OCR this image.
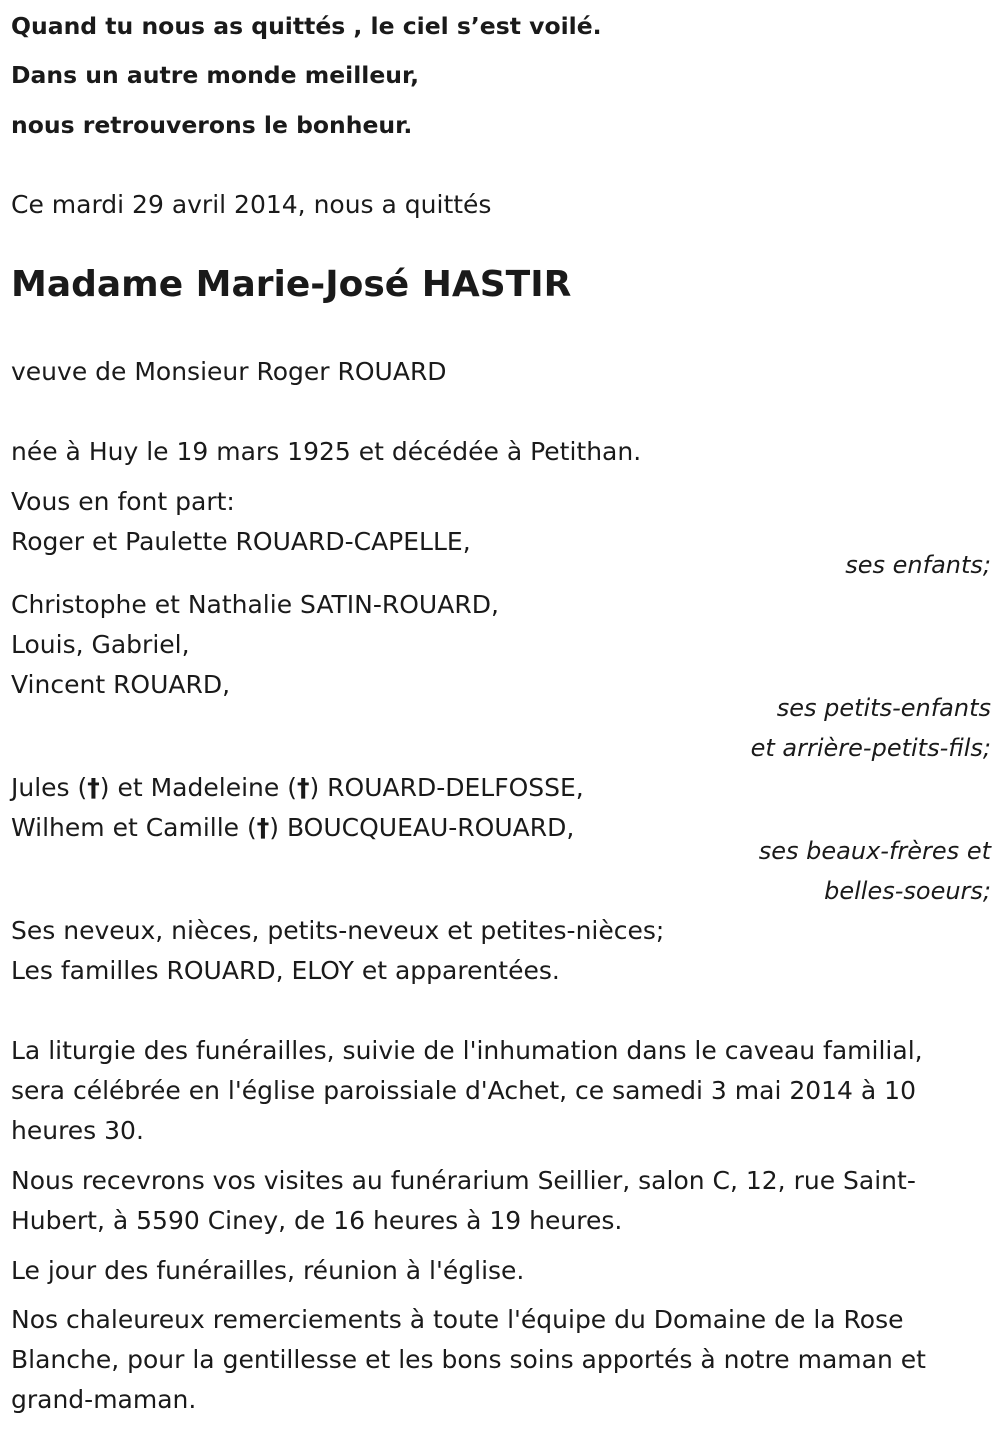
Quand tu nous as quittés , le ciel s’est voilé.
Dans un autre monde meilleur,
nous retrouverons le bonheur.
Ce mardi 29 avril 2014, nous a quittés
Madame Marie-José HASTIR
veuve de Monsieur Roger ROUARD
née à Huy le 19 mars 1925 et décédée à Petithan.
Vous en font part:
Roger et Paulette ROUARD-CAPELLE,
ses enfants;
Christophe et Nathalie SATIN-ROUARD,
Louis, Gabriel,
Vincent ROUARD,
ses petits-enfants
et arrière-petits-fils;
Jules (†) et Madeleine (†) ROUARD-DELFOSSE,
Wilhem et Camille (†) BOUCQUEAU-ROUARD,
ses beaux-frères et
belles-soeurs;
Ses neveux, nièces, petits-neveux et petites-nièces;
Les familles ROUARD, ELOY et apparentées.
La liturgie des funérailles, suivie de l'inhumation dans le caveau familial,
sera célébrée en l'église paroissiale d'Achet, ce samedi 3 mai 2014 à 10
heures 30.
Nous recevrons vos visites au funérarium Seillier, salon C, 12, rue Saint-
Hubert, à 5590 Ciney, de 16 heures à 19 heures.
Le jour des funérailles, réunion à l'église.
Nos chaleureux remerciements à toute l'équipe du Domaine de la Rose
Blanche, pour la gentillesse et les bons soins apportés à notre maman et
grand-maman.
